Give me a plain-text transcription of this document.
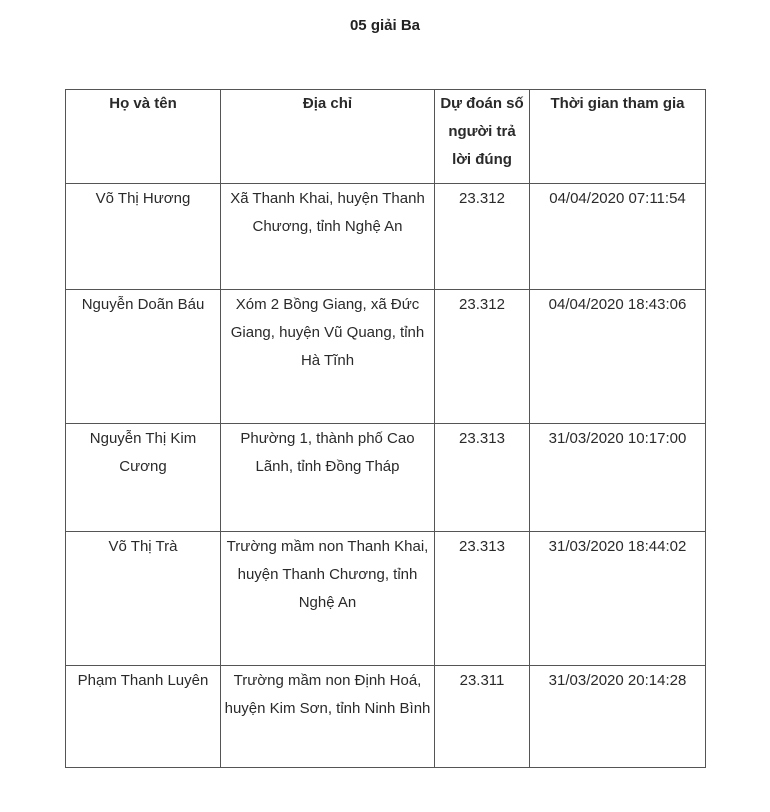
05 giải Ba
Họ và tên	Địa chỉ	Dự đoán số người trả lời đúng	Thời gian tham gia
Võ Thị Hương	Xã Thanh Khai, huyện Thanh Chương, tỉnh Nghệ An	23.312	04/04/2020 07:11:54
Nguyễn Doãn Báu	Xóm 2 Bồng Giang, xã Đức Giang, huyện Vũ Quang, tỉnh Hà Tĩnh	23.312	04/04/2020 18:43:06
Nguyễn Thị Kim Cương	Phường 1, thành phố Cao Lãnh, tỉnh Đồng Tháp	23.313	31/03/2020 10:17:00
Võ Thị Trà	Trường mầm non Thanh Khai, huyện Thanh Chương, tỉnh Nghệ An	23.313	31/03/2020 18:44:02
Phạm Thanh Luyên	Trường mầm non Định Hoá, huyện Kim Sơn, tỉnh Ninh Bình	23.311	31/03/2020 20:14:28
